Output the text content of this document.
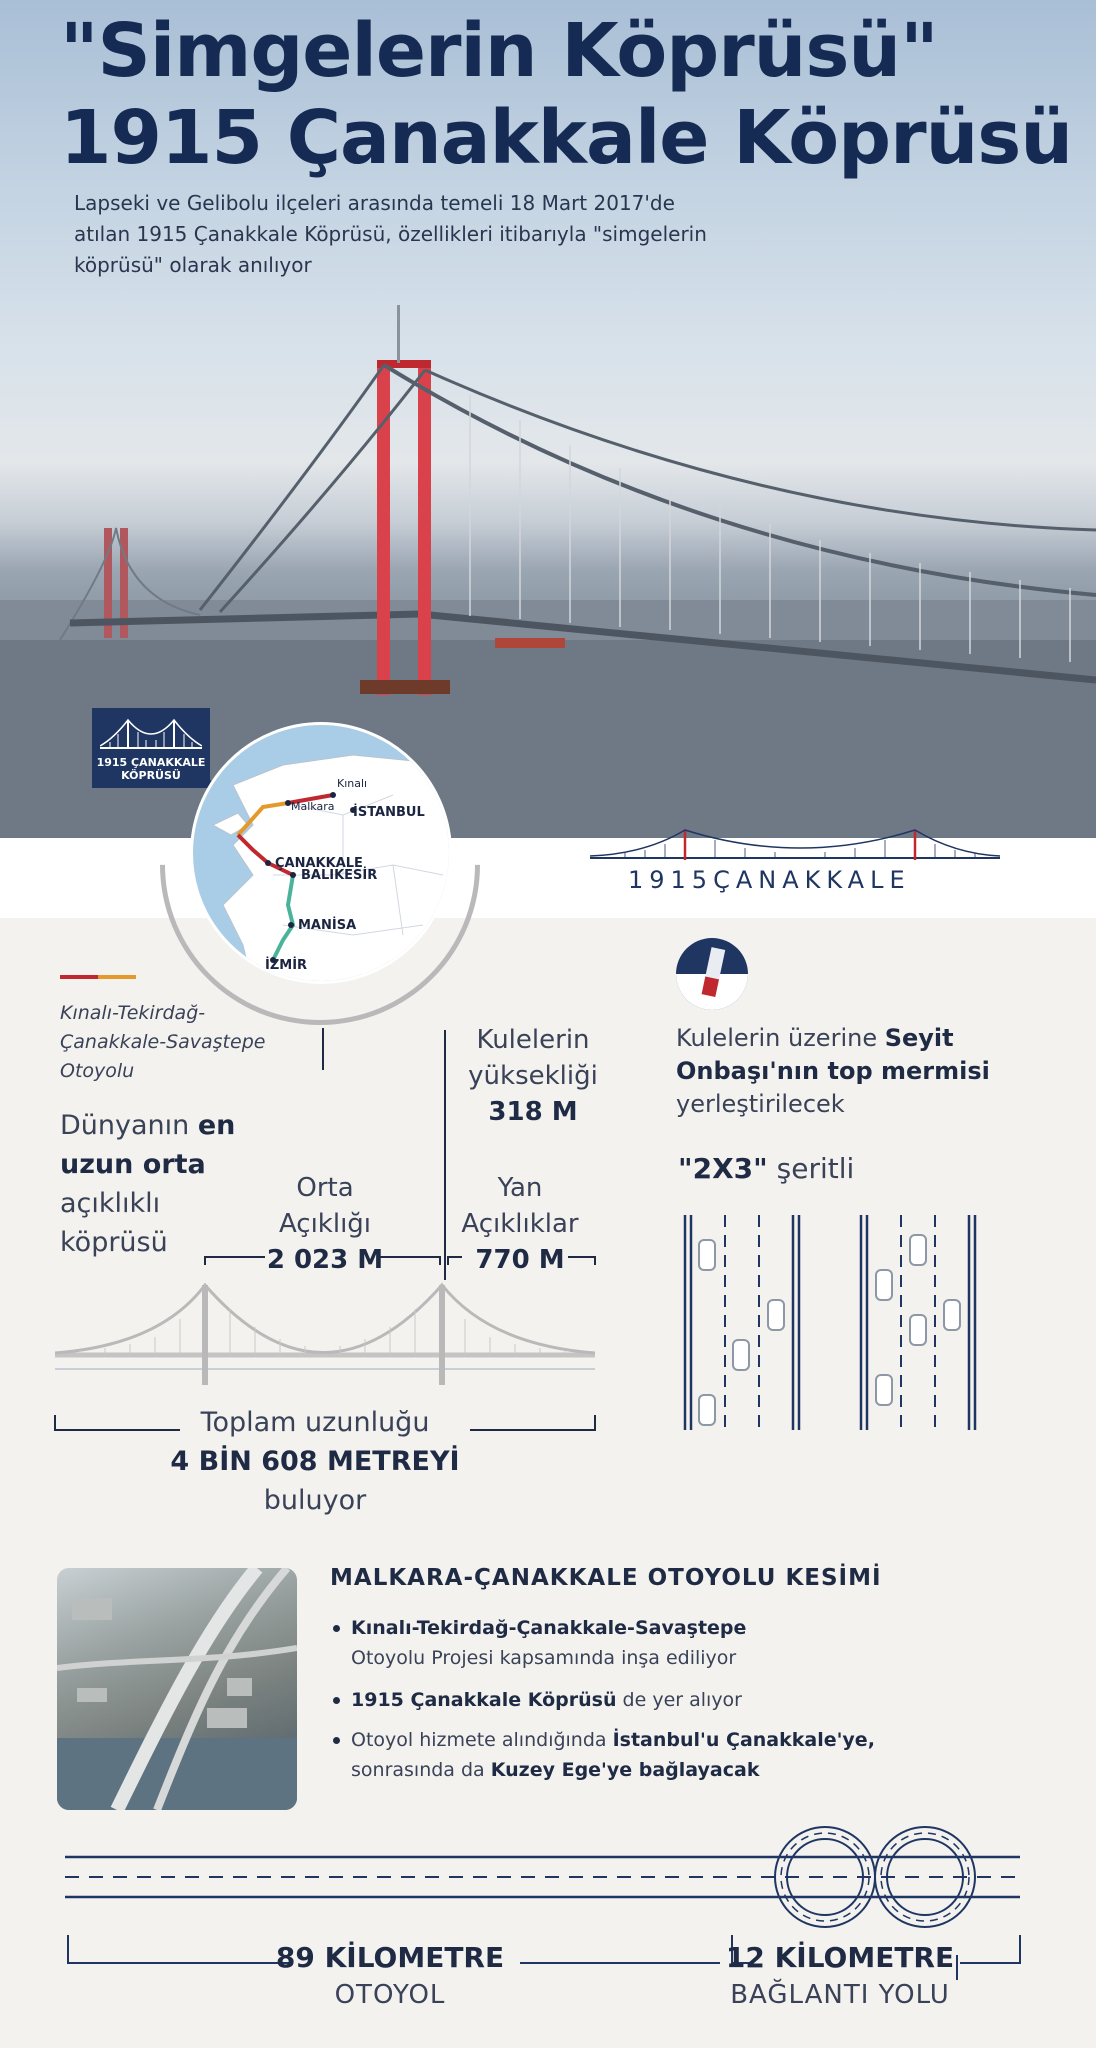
"Simgelerin Köprüsü"
1915 Çanakkale Köprüsü
Lapseki ve Gelibolu ilçeleri arasında temeli 18 Mart 2017'de
atılan 1915 Çanakkale Köprüsü, özellikleri itibarıyla "simgelerin
köprüsü" olarak anılıyor
1915 ÇANAKKALE
KÖPRÜSÜ
Kınalı
Malkara İSTANBUL
ÇANAKKALE
BALIKESİR
MANİSA
İZMİR
1915ÇANAKKALE
Kınalı-Tekirdağ-
Çanakkale-Savaştepe
Otoyolu
Dünyanın en
uzun orta
açıklıklı
köprüsü
Kulelerin
yüksekliği
318 M
Orta
Açıklığı
2 023 M
Yan
Açıklıklar
770 M
Toplam uzunluğu
4 BİN 608 METREYİ
buluyor
Kulelerin üzerine Seyit
Onbaşı'nın top mermisi
yerleştirilecek
"2X3" şeritli
MALKARA-ÇANAKKALE OTOYOLU KESİMİ
Kınalı-Tekirdağ-Çanakkale-Savaştepe
Otoyolu Projesi kapsamında inşa ediliyor
1915 Çanakkale Köprüsü de yer alıyor
Otoyol hizmete alındığında İstanbul'u Çanakkale'ye,
sonrasında da Kuzey Ege'ye bağlayacak
89 KİLOMETRE
OTOYOL
12 KİLOMETRE
BAĞLANTI YOLU
